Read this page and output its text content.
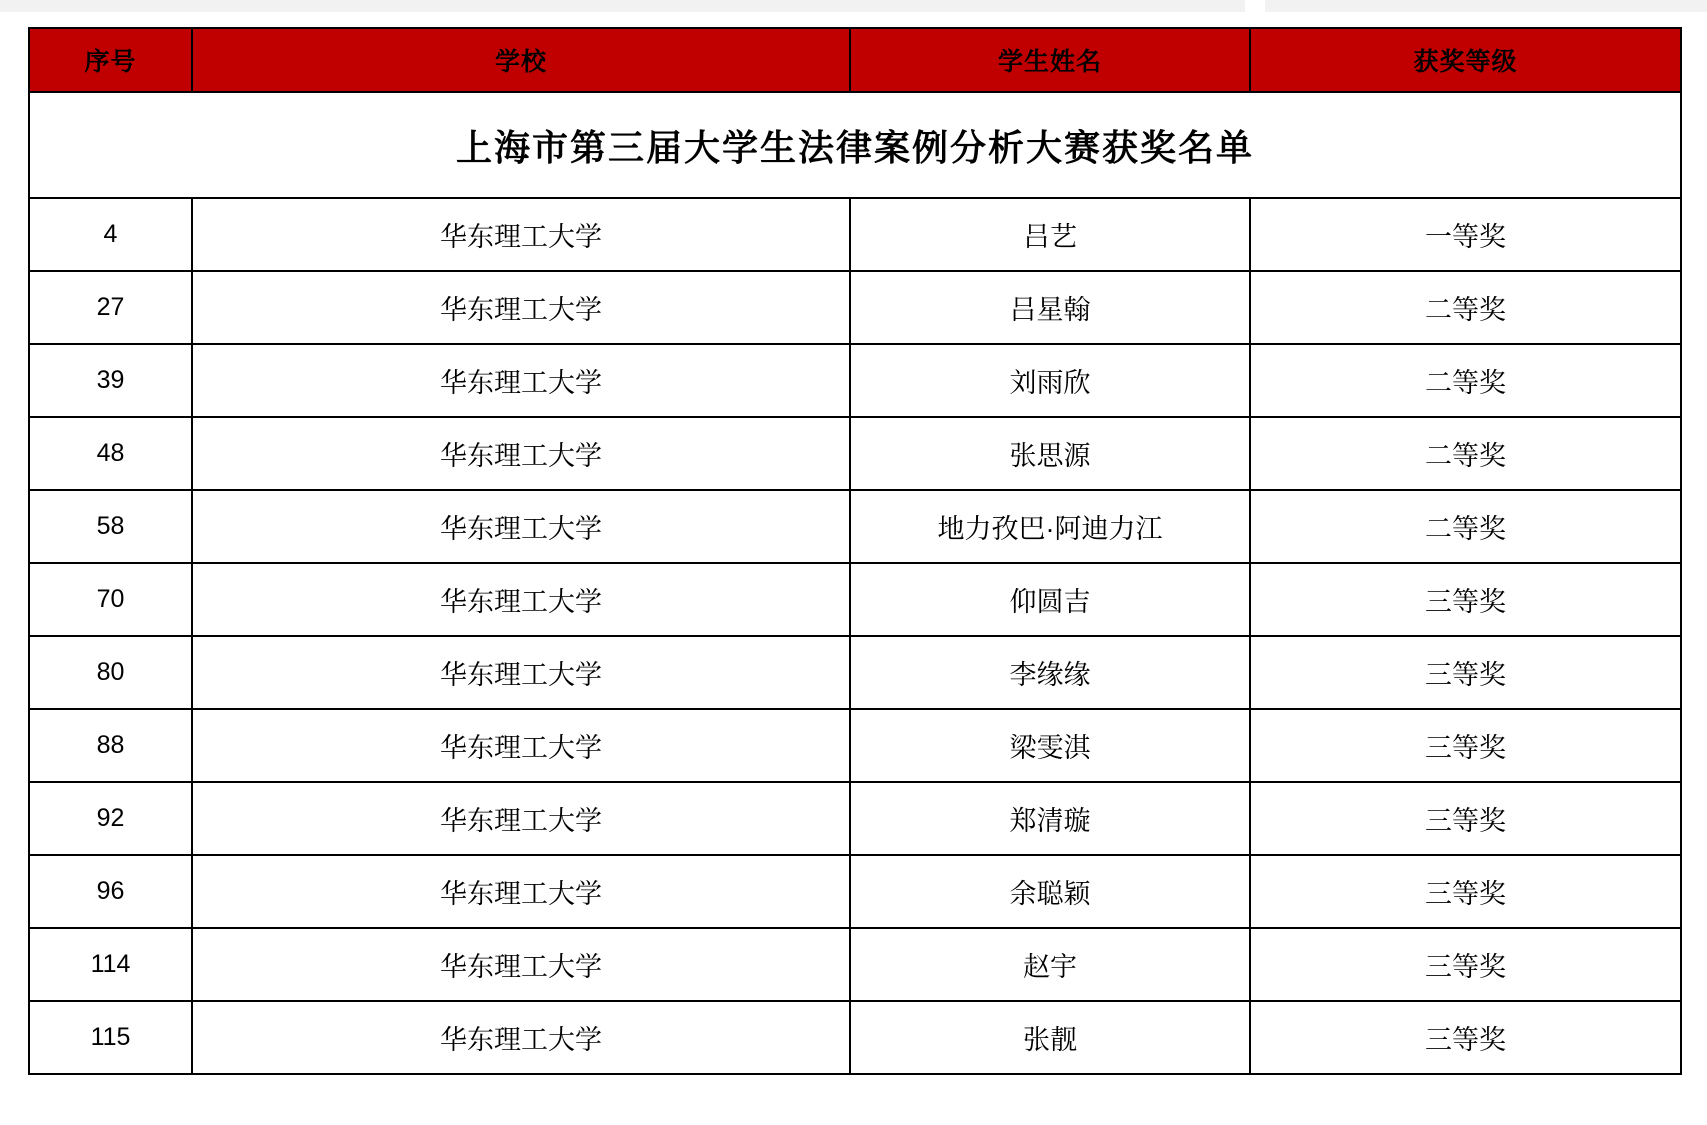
上海市第三届大学生法律案例分析大赛获奖名单			
序号	学校	学生姓名	获奖等级
4	华东理工大学	吕艺	一等奖
27	华东理工大学	吕星翰	二等奖
39	华东理工大学	刘雨欣	二等奖
48	华东理工大学	张思源	二等奖
58	华东理工大学	地力孜巴·阿迪力江	二等奖
70	华东理工大学	仰圆吉	三等奖
80	华东理工大学	李缘缘	三等奖
88	华东理工大学	梁雯淇	三等奖
92	华东理工大学	郑清璇	三等奖
96	华东理工大学	余聪颖	三等奖
114	华东理工大学	赵宇	三等奖
115	华东理工大学	张靓	三等奖
